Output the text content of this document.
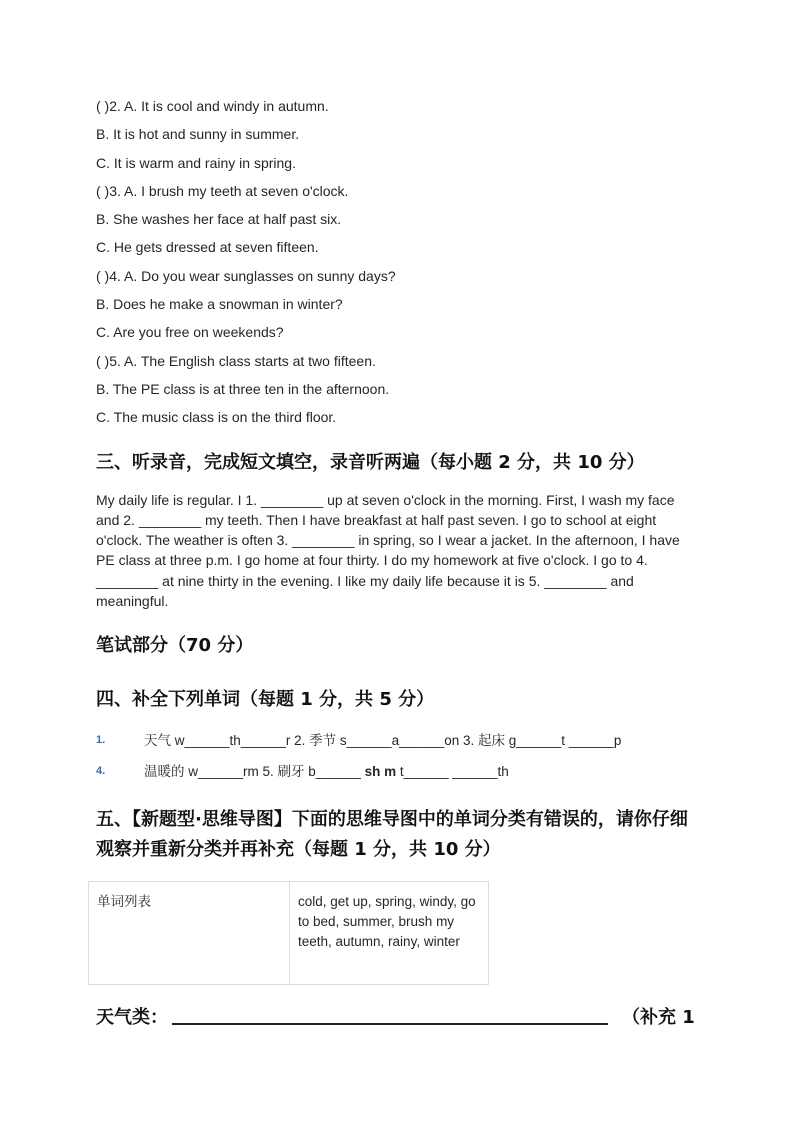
( )2. A. It is cool and windy in autumn.
B. It is hot and sunny in summer.
C. It is warm and rainy in spring.
( )3. A. I brush my teeth at seven o'clock.
B. She washes her face at half past six.
C. He gets dressed at seven fifteen.
( )4. A. Do you wear sunglasses on sunny days?
B. Does he make a snowman in winter?
C. Are you free on weekends?
( )5. A. The English class starts at two fifteen.
B. The PE class is at three ten in the afternoon.
C. The music class is on the third floor.
三、听录音，完成短文填空，录音听两遍（每小题 2 分，共 10 分）
My daily life is regular. I 1. ________ up at seven o'clock in the morning. First, I wash my face and 2. ________ my teeth. Then I have breakfast at half past seven. I go to school at eight o'clock. The weather is often 3. ________ in spring, so I wear a jacket. In the afternoon, I have PE class at three p.m. I go home at four thirty. I do my homework at five o'clock. I go to 4. ________ at nine thirty in the evening. I like my daily life because it is 5. ________ and meaningful.
笔试部分（70 分）
四、补全下列单词（每题 1 分，共 5 分）
1.	天气 w______th______r 2. 季节 s______a______on 3. 起床 g______t ______p
4.	温暖的 w______rm 5. 刷牙 b______ sh m t______ ______th
五、【新题型·思维导图】下面的思维导图中的单词分类有错误的，请你仔细观察并重新分类并再补充（每题 1 分，共 10 分）
单词列表	cold, get up, spring, windy, go to bed, summer, brush my teeth, autumn, rainy, winter
天气类：	（补充 1
